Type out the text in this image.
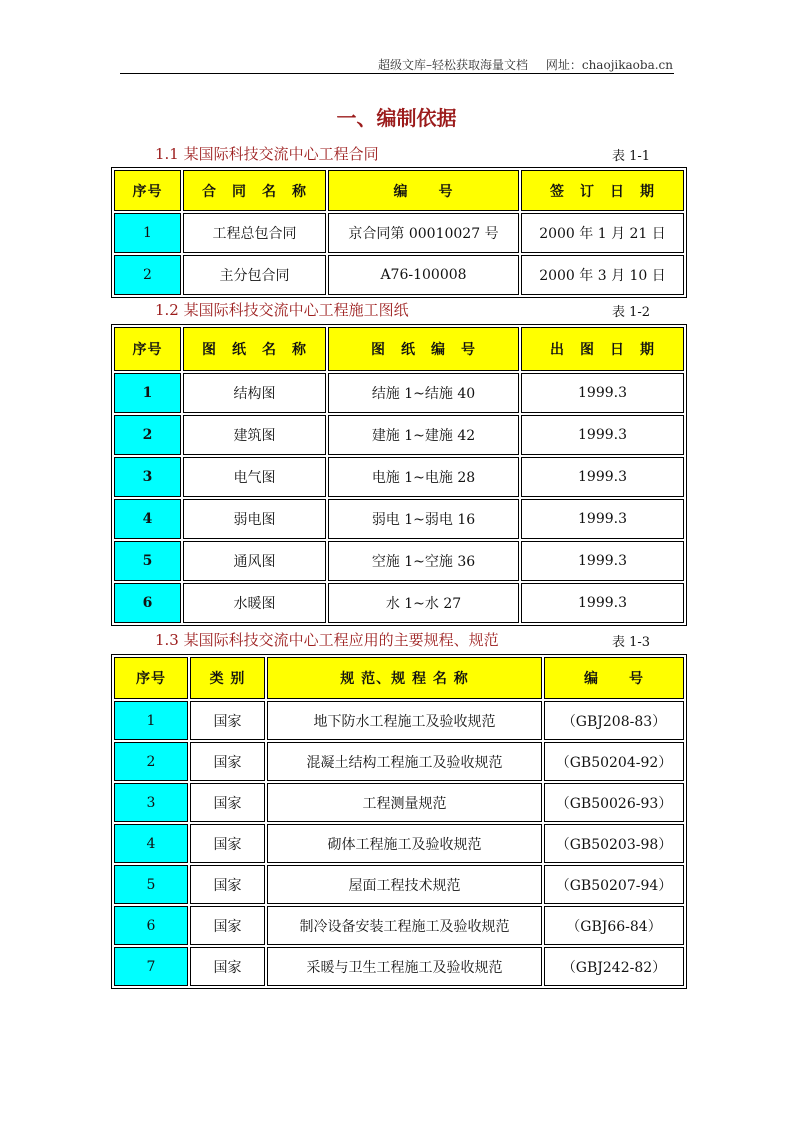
超级文库–轻松获取海量文档 网址：chaojikaoba.cn
一、编制依据
1.1 某国际科技交流中心工程合同	表 1-1
序号	合　同　名　称	编　　号	签　订　日　期
1	工程总包合同	京合同第 00010027 号	2000 年 1 月 21 日
2	主分包合同	A76-100008	2000 年 3 月 10 日
1.2 某国际科技交流中心工程施工图纸	表 1-2
序号	图　纸　名　称	图　纸　编　号	出　图　日　期
1	结构图	结施 1~结施 40	1999.3
2	建筑图	建施 1~建施 42	1999.3
3	电气图	电施 1~电施 28	1999.3
4	弱电图	弱电 1~弱电 16	1999.3
5	通风图	空施 1~空施 36	1999.3
6	水暖图	水 1~水 27	1999.3
1.3 某国际科技交流中心工程应用的主要规程、规范	表 1-3
序号	类 别	规 范、规 程 名 称	编　　号
1	国家	地下防水工程施工及验收规范	（GBJ208-83）
2	国家	混凝土结构工程施工及验收规范	（GB50204-92）
3	国家	工程测量规范	（GB50026-93）
4	国家	砌体工程施工及验收规范	（GB50203-98）
5	国家	屋面工程技术规范	（GB50207-94）
6	国家	制冷设备安装工程施工及验收规范	（GBJ66-84）
7	国家	采暖与卫生工程施工及验收规范	（GBJ242-82）
